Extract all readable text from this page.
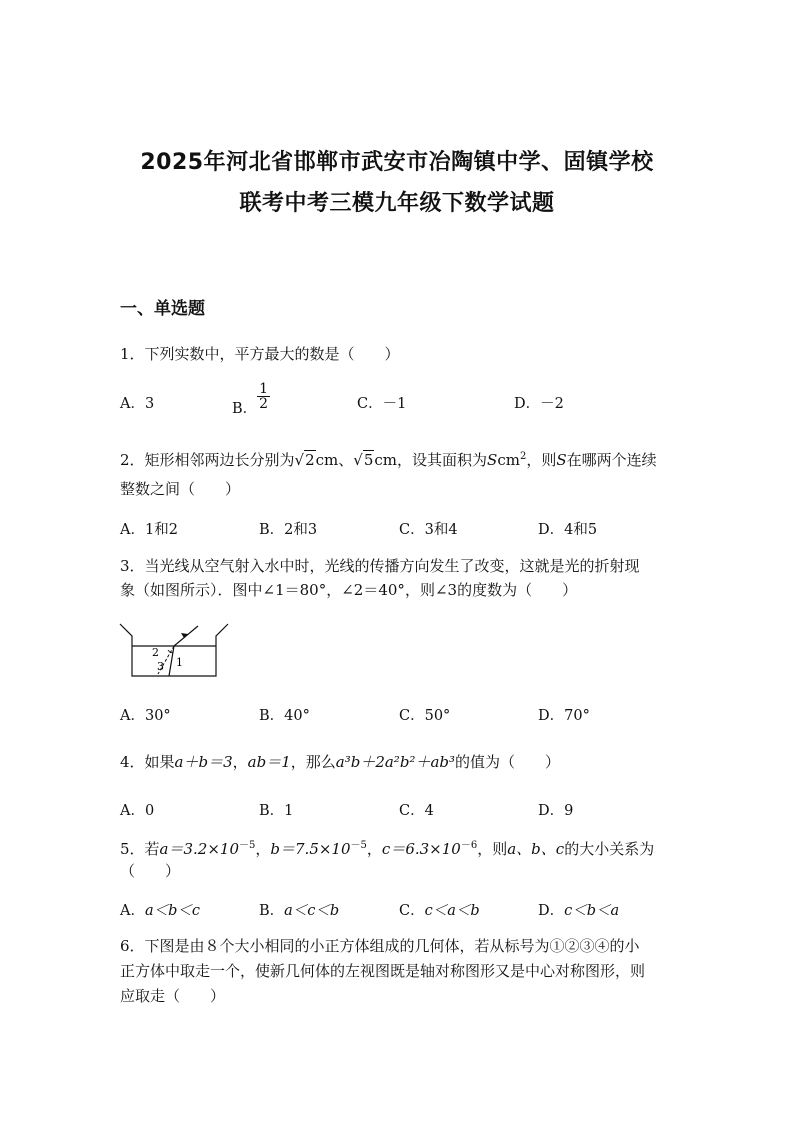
2025年河北省邯郸市武安市冶陶镇中学、固镇学校
联考中考三模九年级下数学试题
一、单选题
1．下列实数中，平方最大的数是（　　）
A．3	B． $\frac{1}{2}$	C．－1	D．－2
2．矩形相邻两边长分别为√2cm、√5cm，设其面积为Scm$^2$，则S在哪两个连续
整数之间（　　）
A．1和2	B．2和3	C．3和4	D．4和5
3．当光线从空气射入水中时，光线的传播方向发生了改变，这就是光的折射现
象（如图所示）．图中∠1＝80°，∠2＝40°，则∠3的度数为（　　）
2
3 1
A．30°	B．40°	C．50°	D．70°
4．如果a＋b＝3，ab＝1，那么a³b＋2a²b²＋ab³的值为（　　）
A．0	B．1	C．4	D．9
5．若$a=3.2\times 10^{-5}$，$b=7.5\times 10^{-5}$，$c=6.3\times 10^{-6}$，则a、b、c的大小关系为
（　　）
A．a＜b＜c	B．a＜c＜b	C．c＜a＜b	D．c＜b＜a
6．下图是由８个大小相同的小正方体组成的几何体，若从标号为①②③④的小
正方体中取走一个，使新几何体的左视图既是轴对称图形又是中心对称图形，则
应取走（　　）
